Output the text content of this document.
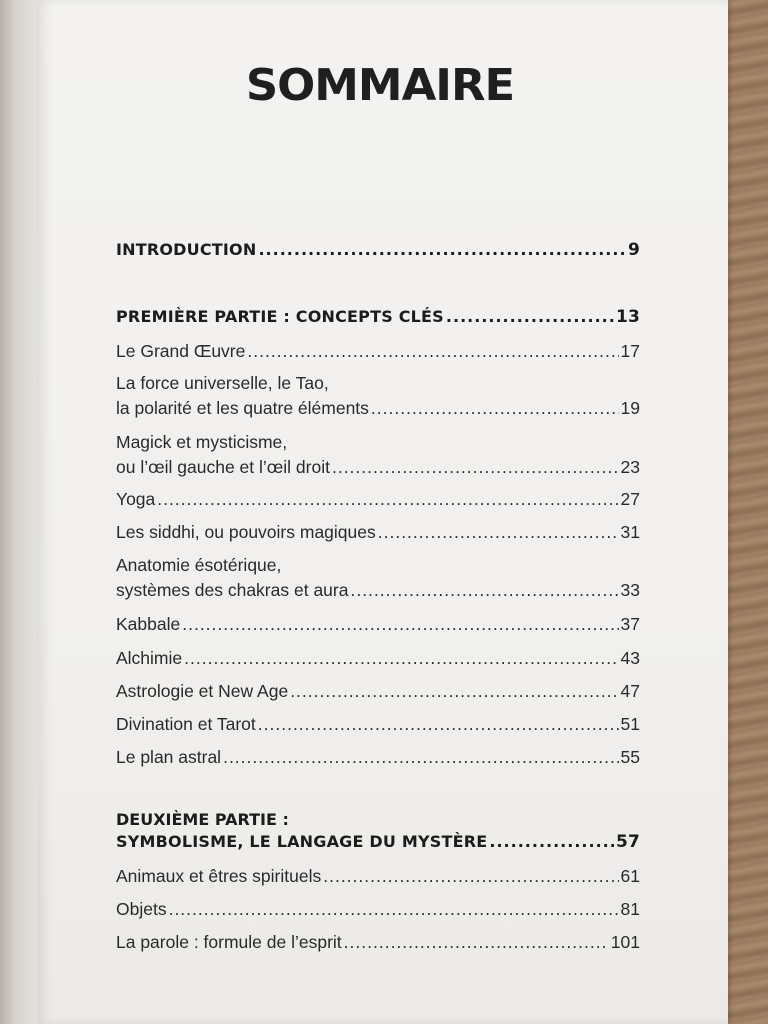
SOMMAIRE
INTRODUCTION .....	9
PREMIÈRE PARTIE : CONCEPTS CLÉS .....	13
Le Grand Œuvre .....	17
La force universelle, le Tao,
la polarité et les quatre éléments .....	19
Magick et mysticisme,
ou l’œil gauche et l’œil droit .....	23
Yoga .....	27
Les siddhi, ou pouvoirs magiques .....	31
Anatomie ésotérique,
systèmes des chakras et aura .....	33
Kabbale .....	37
Alchimie .....	43
Astrologie et New Age .....	47
Divination et Tarot .....	51
Le plan astral .....	55
DEUXIÈME PARTIE :
SYMBOLISME, LE LANGAGE DU MYSTÈRE .....	57
Animaux et êtres spirituels .....	61
Objets .....	81
La parole : formule de l’esprit .....	101
